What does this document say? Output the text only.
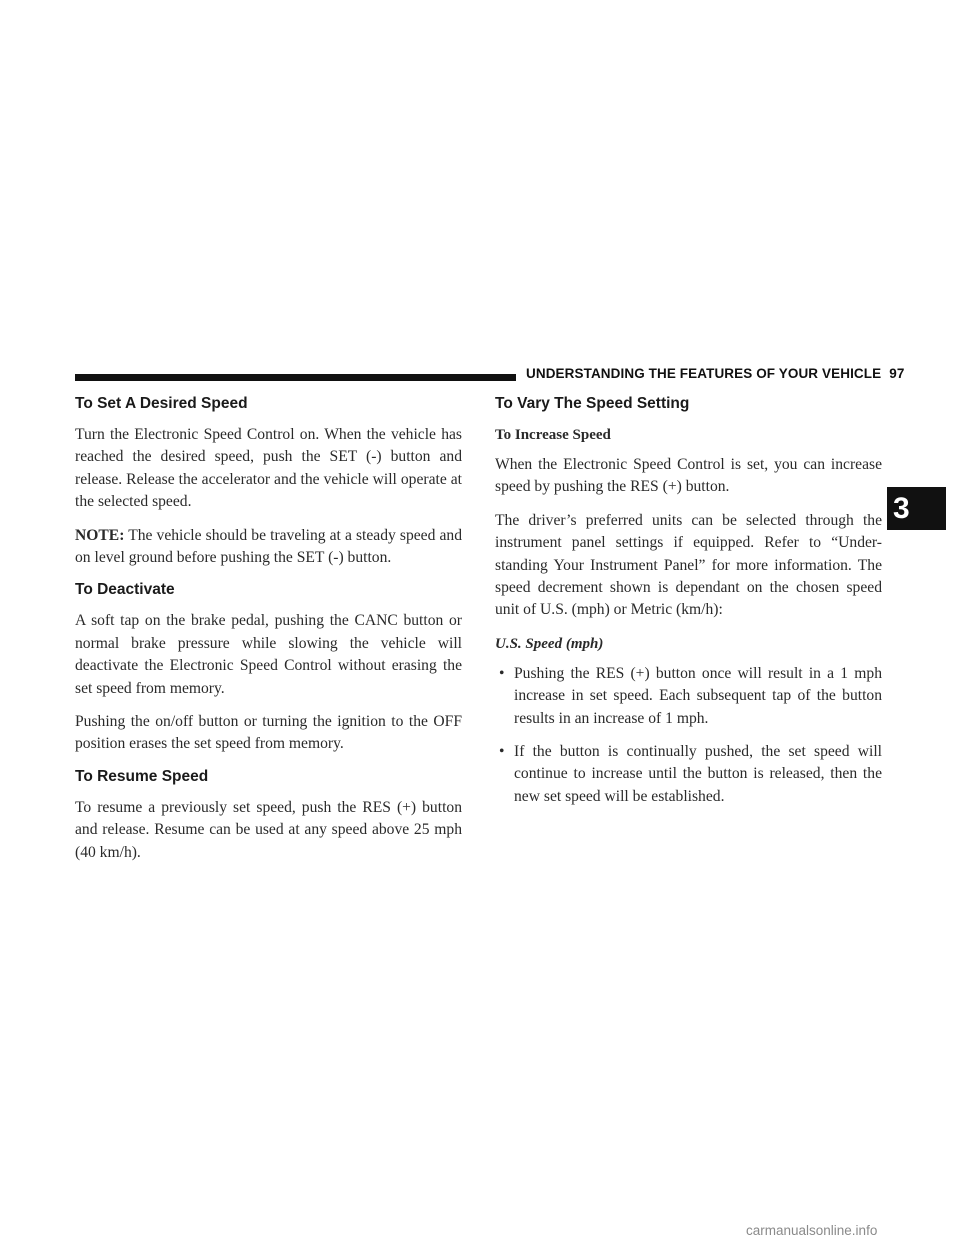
UNDERSTANDING THE FEATURES OF YOUR VEHICLE 97
To Set A Desired Speed

Turn the Electronic Speed Control on. When the vehicle has reached the desired speed, push the SET (-) button and release. Release the accelerator and the vehicle will operate at the selected speed.

NOTE: The vehicle should be traveling at a steady speed and on level ground before pushing the SET (-) button.

To Deactivate

A soft tap on the brake pedal, pushing the CANC button or normal brake pressure while slowing the vehicle will deactivate the Electronic Speed Control without erasing the set speed from memory.

Pushing the on/off button or turning the ignition to the OFF position erases the set speed from memory.

To Resume Speed

To resume a previously set speed, push the RES (+) button and release. Resume can be used at any speed above 25 mph (40 km/h).

To Vary The Speed Setting
To Increase Speed

When the Electronic Speed Control is set, you can increase speed by pushing the RES (+) button.

The driver’s preferred units can be selected through the instrument panel settings if equipped. Refer to “Under-standing Your Instrument Panel” for more information. The speed decrement shown is dependant on the chosen speed unit of U.S. (mph) or Metric (km/h):

U.S. Speed (mph)
• Pushing the RES (+) button once will result in a 1 mph increase in set speed. Each subsequent tap of the button results in an increase of 1 mph.
• If the button is continually pushed, the set speed will continue to increase until the button is released, then the new set speed will be established.
3
carmanualsonline.info
